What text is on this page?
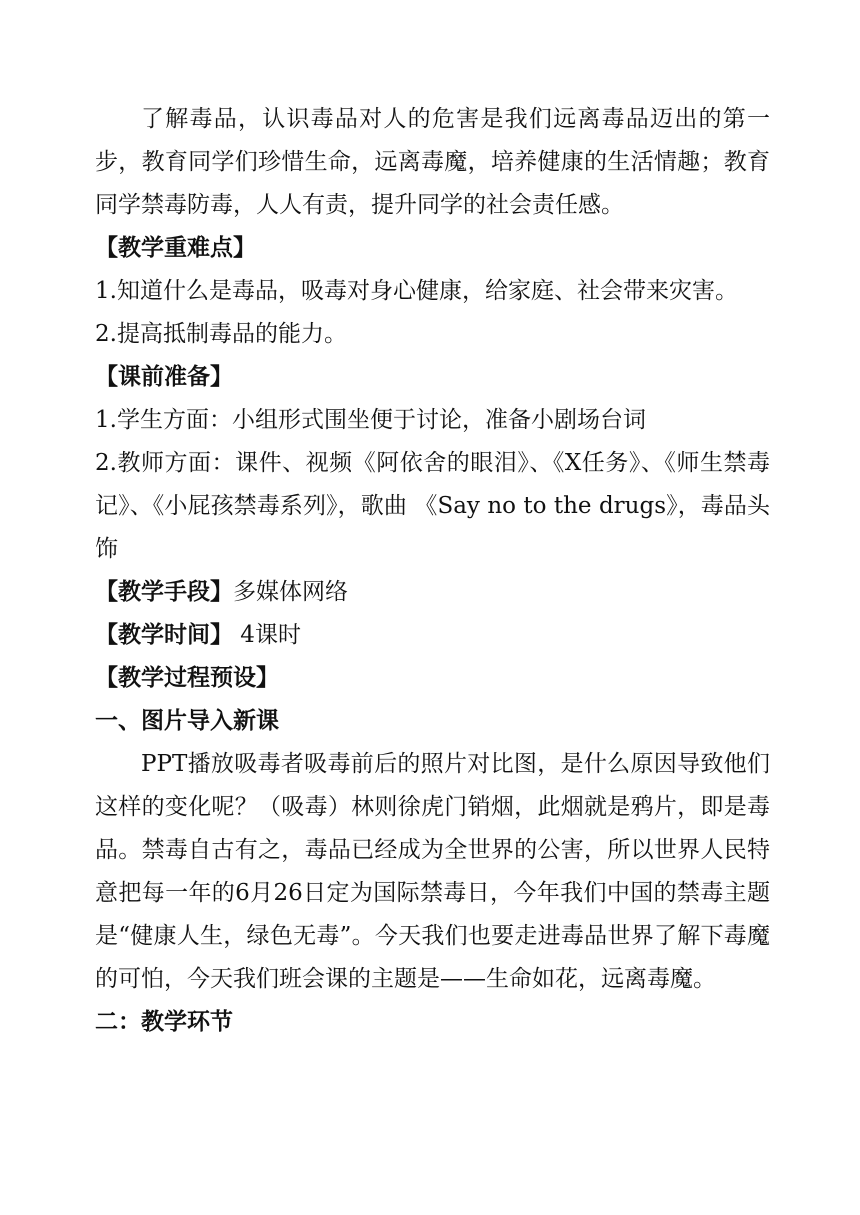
了解毒品，认识毒品对人的危害是我们远离毒品迈出的第一步，教育同学们珍惜生命，远离毒魔，培养健康的生活情趣；教育同学禁毒防毒，人人有责，提升同学的社会责任感。

【教学重难点】

1.知道什么是毒品，吸毒对身心健康，给家庭、社会带来灾害。

2.提高抵制毒品的能力。

【课前准备】

1.学生方面：小组形式围坐便于讨论，准备小剧场台词

2.教师方面：课件、视频《阿依舍的眼泪》、《X任务》、《师生禁毒记》、《小屁孩禁毒系列》，歌曲 《Say no to the drugs》，毒品头饰

【教学手段】多媒体网络

【教学时间】 4课时

【教学过程预设】

一、图片导入新课

PPT播放吸毒者吸毒前后的照片对比图，是什么原因导致他们这样的变化呢？（吸毒）林则徐虎门销烟，此烟就是鸦片，即是毒品。禁毒自古有之，毒品已经成为全世界的公害，所以世界人民特意把每一年的6月26日定为国际禁毒日，今年我们中国的禁毒主题是“健康人生，绿色无毒”。今天我们也要走进毒品世界了解下毒魔的可怕，今天我们班会课的主题是——生命如花，远离毒魔。

二：教学环节
